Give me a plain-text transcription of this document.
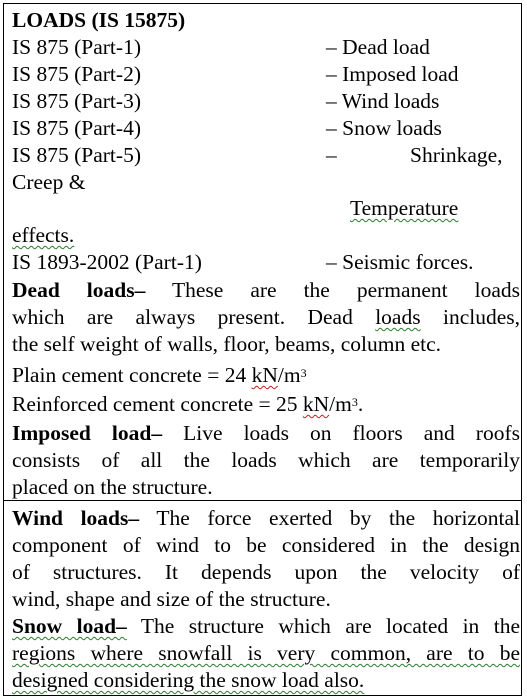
LOADS (IS 15875)
IS 875 (Part-1)	– Dead load
IS 875 (Part-2)	– Imposed load
IS 875 (Part-3)	– Wind loads
IS 875 (Part-4)	– Snow loads
IS 875 (Part-5)	–	Shrinkage,
Creep &
Temperature
effects.
IS 1893-2002 (Part-1)	– Seismic forces.
Dead loads– These are the permanent loads
which are always present. Dead loads includes,
the self weight of walls, floor, beams, column etc.
Plain cement concrete = 24 $kN/m^3$
Reinforced cement concrete = 25 $kN/m^3$.
Imposed load– Live loads on floors and roofs
consists of all the loads which are temporarily
placed on the structure.
Wind loads– The force exerted by the horizontal
component of wind to be considered in the design
of structures. It depends upon the velocity of
wind, shape and size of the structure.
Snow load– The structure which are located in the
regions where snowfall is very common, are to be
designed considering the snow load also.
